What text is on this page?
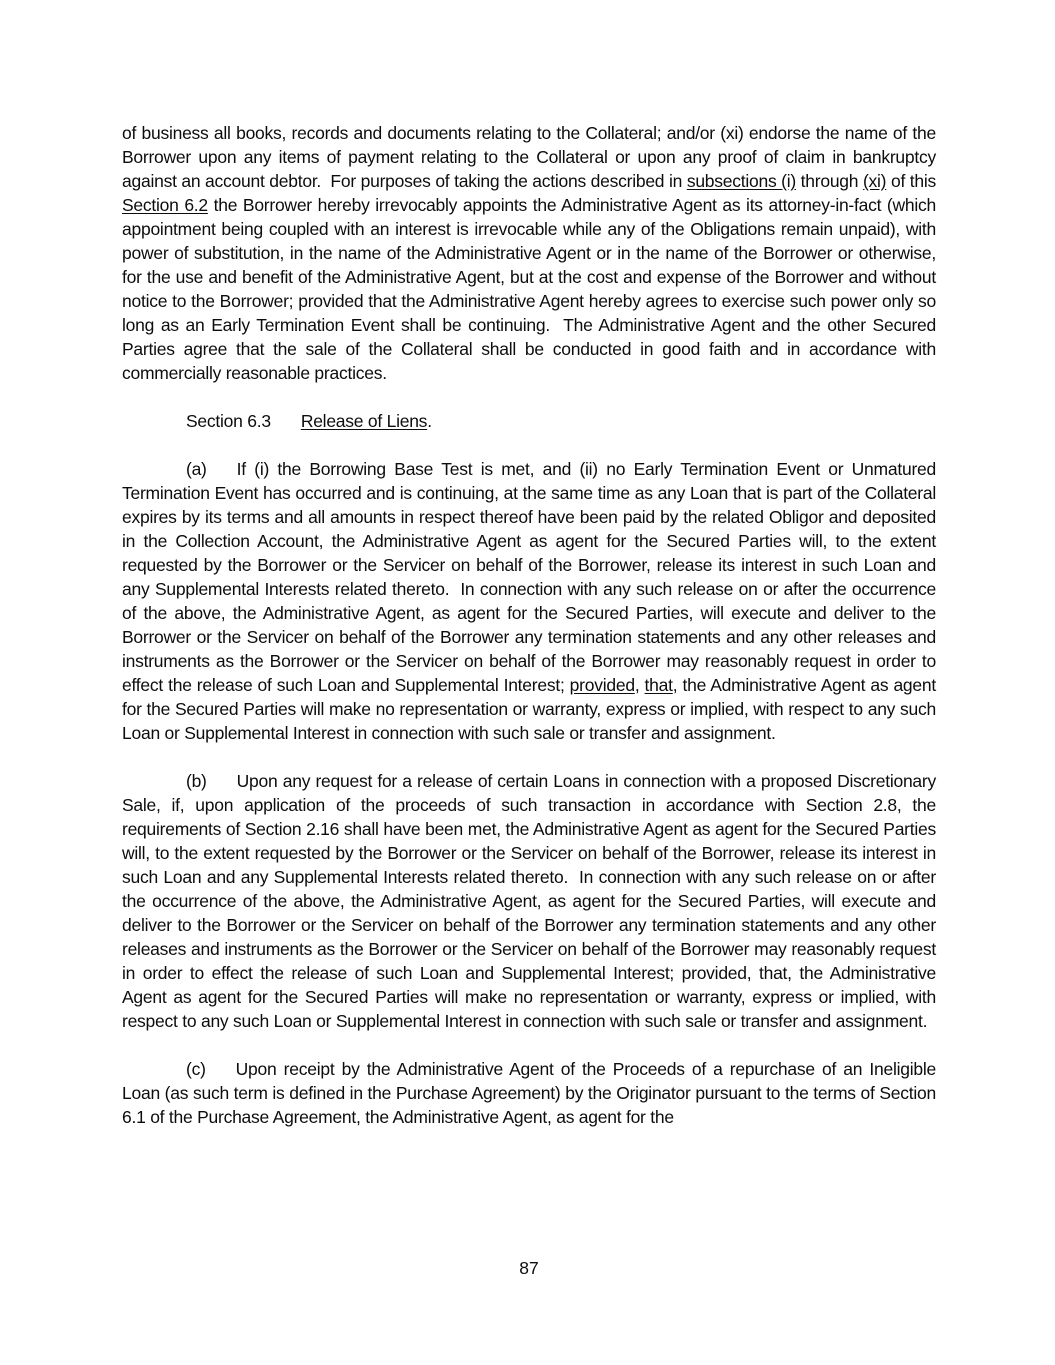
of business all books, records and documents relating to the Collateral; and/or (xi) endorse the name of the Borrower upon any items of payment relating to the Collateral or upon any proof of claim in bankruptcy against an account debtor.  For purposes of taking the actions described in subsections (i) through (xi) of this Section 6.2 the Borrower hereby irrevocably appoints the Administrative Agent as its attorney-in-fact (which appointment being coupled with an interest is irrevocable while any of the Obligations remain unpaid), with power of substitution, in the name of the Administrative Agent or in the name of the Borrower or otherwise, for the use and benefit of the Administrative Agent, but at the cost and expense of the Borrower and without notice to the Borrower; provided that the Administrative Agent hereby agrees to exercise such power only so long as an Early Termination Event shall be continuing.  The Administrative Agent and the other Secured Parties agree that the sale of the Collateral shall be conducted in good faith and in accordance with commercially reasonable practices.

Section 6.3 Release of Liens.

(a) If (i) the Borrowing Base Test is met, and (ii) no Early Termination Event or Unmatured Termination Event has occurred and is continuing, at the same time as any Loan that is part of the Collateral expires by its terms and all amounts in respect thereof have been paid by the related Obligor and deposited in the Collection Account, the Administrative Agent as agent for the Secured Parties will, to the extent requested by the Borrower or the Servicer on behalf of the Borrower, release its interest in such Loan and any Supplemental Interests related thereto.  In connection with any such release on or after the occurrence of the above, the Administrative Agent, as agent for the Secured Parties, will execute and deliver to the Borrower or the Servicer on behalf of the Borrower any termination statements and any other releases and instruments as the Borrower or the Servicer on behalf of the Borrower may reasonably request in order to effect the release of such Loan and Supplemental Interest; provided, that, the Administrative Agent as agent for the Secured Parties will make no representation or warranty, express or implied, with respect to any such Loan or Supplemental Interest in connection with such sale or transfer and assignment.

(b) Upon any request for a release of certain Loans in connection with a proposed Discretionary Sale, if, upon application of the proceeds of such transaction in accordance with Section 2.8, the requirements of Section 2.16 shall have been met, the Administrative Agent as agent for the Secured Parties will, to the extent requested by the Borrower or the Servicer on behalf of the Borrower, release its interest in such Loan and any Supplemental Interests related thereto.  In connection with any such release on or after the occurrence of the above, the Administrative Agent, as agent for the Secured Parties, will execute and deliver to the Borrower or the Servicer on behalf of the Borrower any termination statements and any other releases and instruments as the Borrower or the Servicer on behalf of the Borrower may reasonably request in order to effect the release of such Loan and Supplemental Interest; provided, that, the Administrative Agent as agent for the Secured Parties will make no representation or warranty, express or implied, with respect to any such Loan or Supplemental Interest in connection with such sale or transfer and assignment.

(c) Upon receipt by the Administrative Agent of the Proceeds of a repurchase of an Ineligible Loan (as such term is defined in the Purchase Agreement) by the Originator pursuant to the terms of Section 6.1 of the Purchase Agreement, the Administrative Agent, as agent for the

87
